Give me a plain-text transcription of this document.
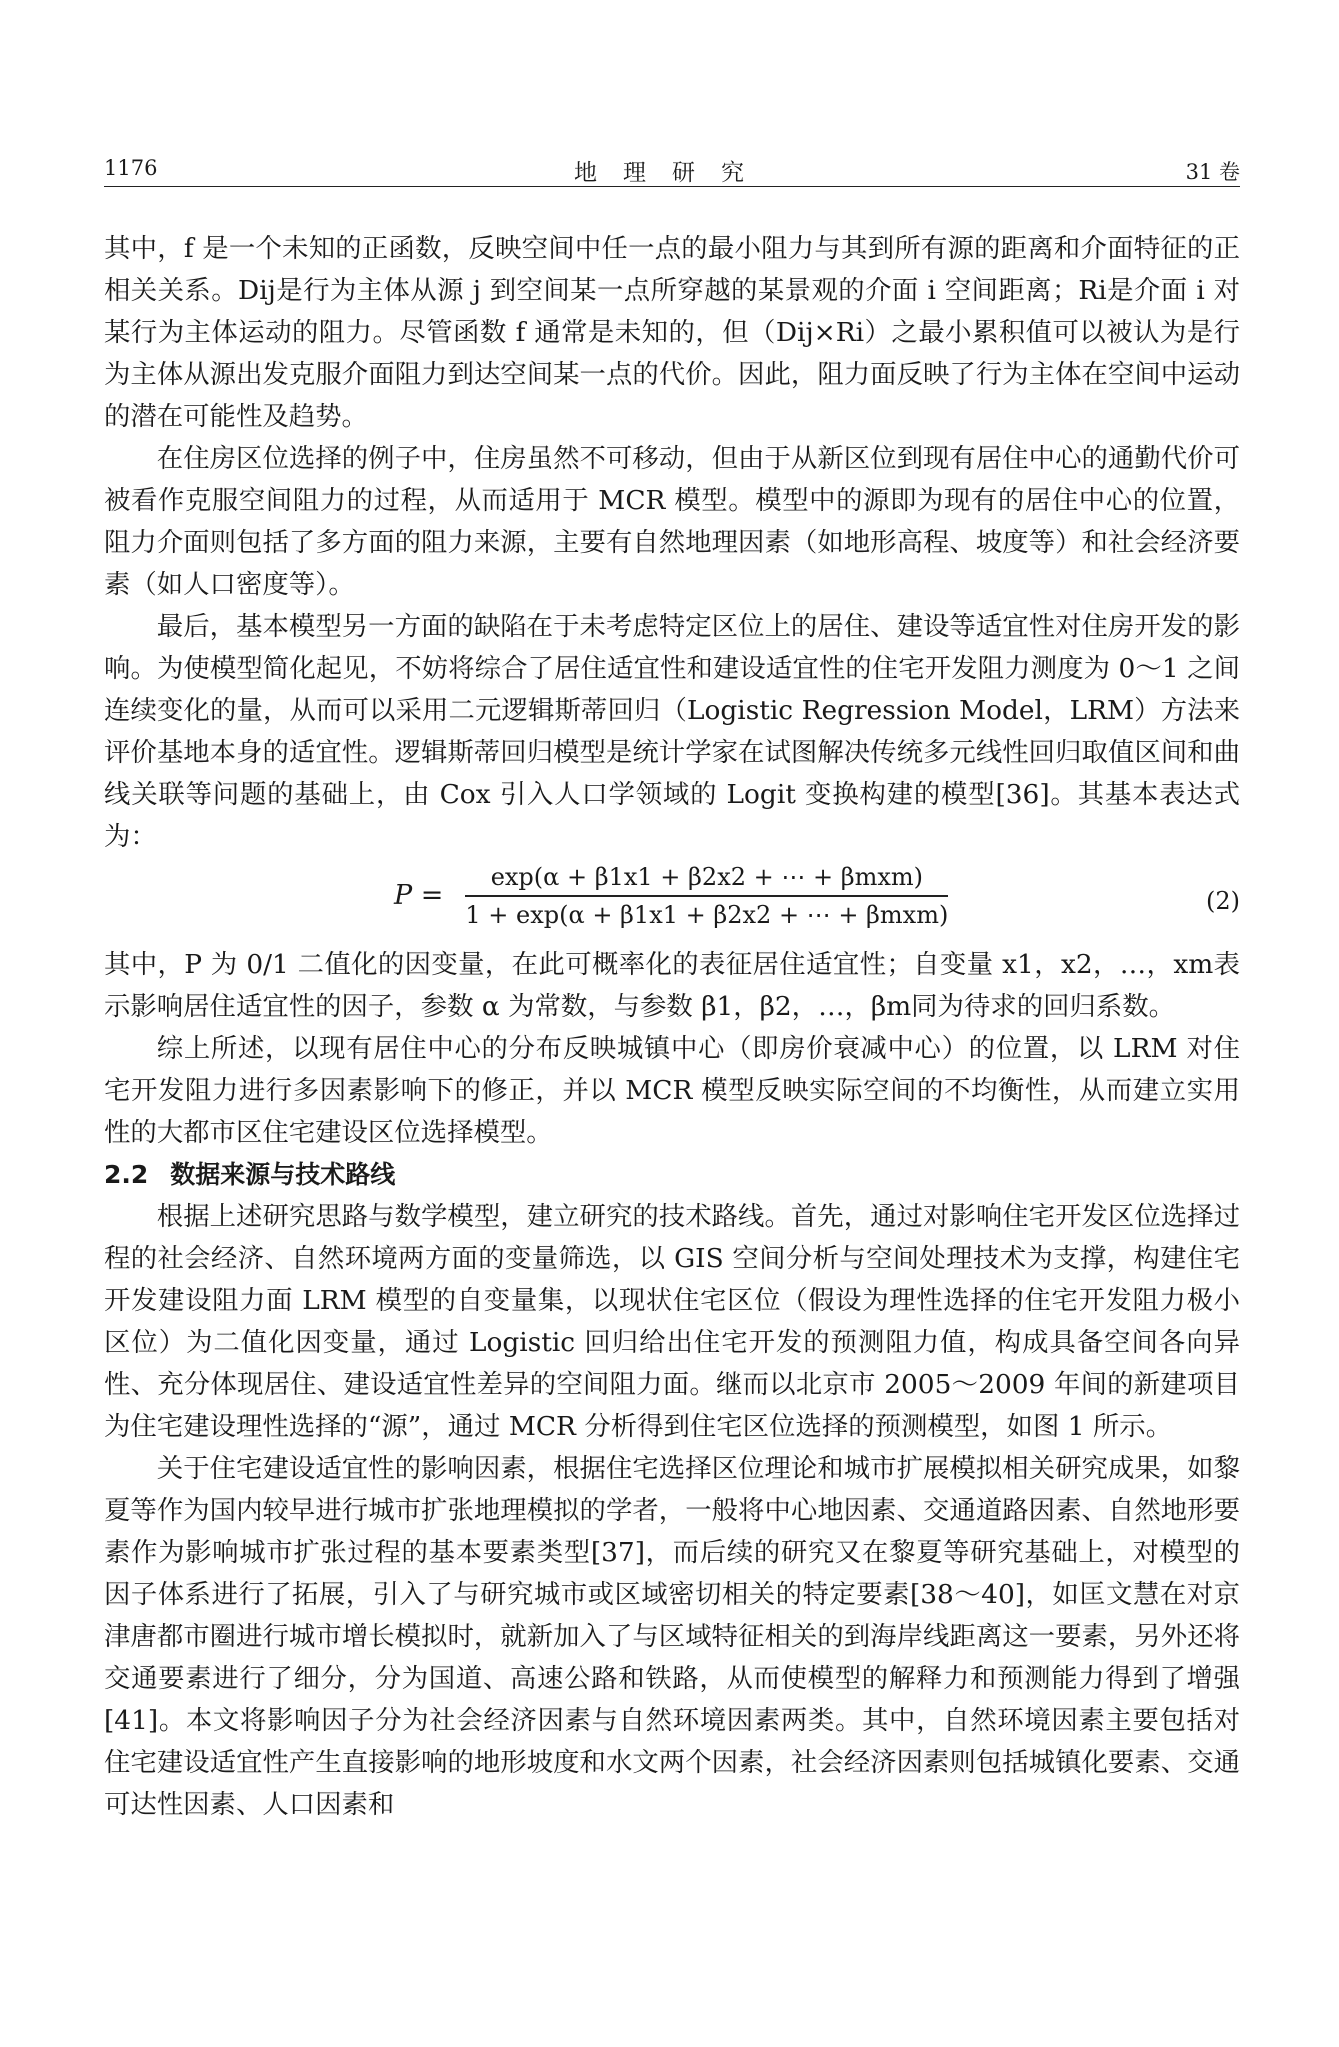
1176	地理研究	31 卷

其中，f 是一个未知的正函数，反映空间中任一点的最小阻力与其到所有源的距离和介面特征的正相关关系。Dij是行为主体从源 j 到空间某一点所穿越的某景观的介面 i 空间距离；Ri是介面 i 对某行为主体运动的阻力。尽管函数 f 通常是未知的，但（Dij×Ri）之最小累积值可以被认为是行为主体从源出发克服介面阻力到达空间某一点的代价。因此，阻力面反映了行为主体在空间中运动的潜在可能性及趋势。

在住房区位选择的例子中，住房虽然不可移动，但由于从新区位到现有居住中心的通勤代价可被看作克服空间阻力的过程，从而适用于 MCR 模型。模型中的源即为现有的居住中心的位置，阻力介面则包括了多方面的阻力来源，主要有自然地理因素（如地形高程、坡度等）和社会经济要素（如人口密度等）。

最后，基本模型另一方面的缺陷在于未考虑特定区位上的居住、建设等适宜性对住房开发的影响。为使模型简化起见，不妨将综合了居住适宜性和建设适宜性的住宅开发阻力测度为 0～1 之间连续变化的量，从而可以采用二元逻辑斯蒂回归（Logistic Regression Model，LRM）方法来评价基地本身的适宜性。逻辑斯蒂回归模型是统计学家在试图解决传统多元线性回归取值区间和曲线关联等问题的基础上，由 Cox 引入人口学领域的 Logit 变换构建的模型[36]。其基本表达式为：

$P = \frac{\text{exp(α + β1x1 + β2x2 + ⋯ + βmxm)}}{\text{1 + exp(α + β1x1 + β2x2 + ⋯ + βmxm)}}$	(2)

其中，P 为 0/1 二值化的因变量，在此可概率化的表征居住适宜性；自变量 x1，x2，…，xm表示影响居住适宜性的因子，参数 α 为常数，与参数 β1，β2，…，βm同为待求的回归系数。

综上所述，以现有居住中心的分布反映城镇中心（即房价衰减中心）的位置，以 LRM 对住宅开发阻力进行多因素影响下的修正，并以 MCR 模型反映实际空间的不均衡性，从而建立实用性的大都市区住宅建设区位选择模型。

2.2 数据来源与技术路线

根据上述研究思路与数学模型，建立研究的技术路线。首先，通过对影响住宅开发区位选择过程的社会经济、自然环境两方面的变量筛选，以 GIS 空间分析与空间处理技术为支撑，构建住宅开发建设阻力面 LRM 模型的自变量集，以现状住宅区位（假设为理性选择的住宅开发阻力极小区位）为二值化因变量，通过 Logistic 回归给出住宅开发的预测阻力值，构成具备空间各向异性、充分体现居住、建设适宜性差异的空间阻力面。继而以北京市 2005～2009 年间的新建项目为住宅建设理性选择的“源”，通过 MCR 分析得到住宅区位选择的预测模型，如图 1 所示。

关于住宅建设适宜性的影响因素，根据住宅选择区位理论和城市扩展模拟相关研究成果，如黎夏等作为国内较早进行城市扩张地理模拟的学者，一般将中心地因素、交通道路因素、自然地形要素作为影响城市扩张过程的基本要素类型[37]，而后续的研究又在黎夏等研究基础上，对模型的因子体系进行了拓展，引入了与研究城市或区域密切相关的特定要素[38～40]，如匡文慧在对京津唐都市圈进行城市增长模拟时，就新加入了与区域特征相关的到海岸线距离这一要素，另外还将交通要素进行了细分，分为国道、高速公路和铁路，从而使模型的解释力和预测能力得到了增强[41]。本文将影响因子分为社会经济因素与自然环境因素两类。其中，自然环境因素主要包括对住宅建设适宜性产生直接影响的地形坡度和水文两个因素，社会经济因素则包括城镇化要素、交通可达性因素、人口因素和
